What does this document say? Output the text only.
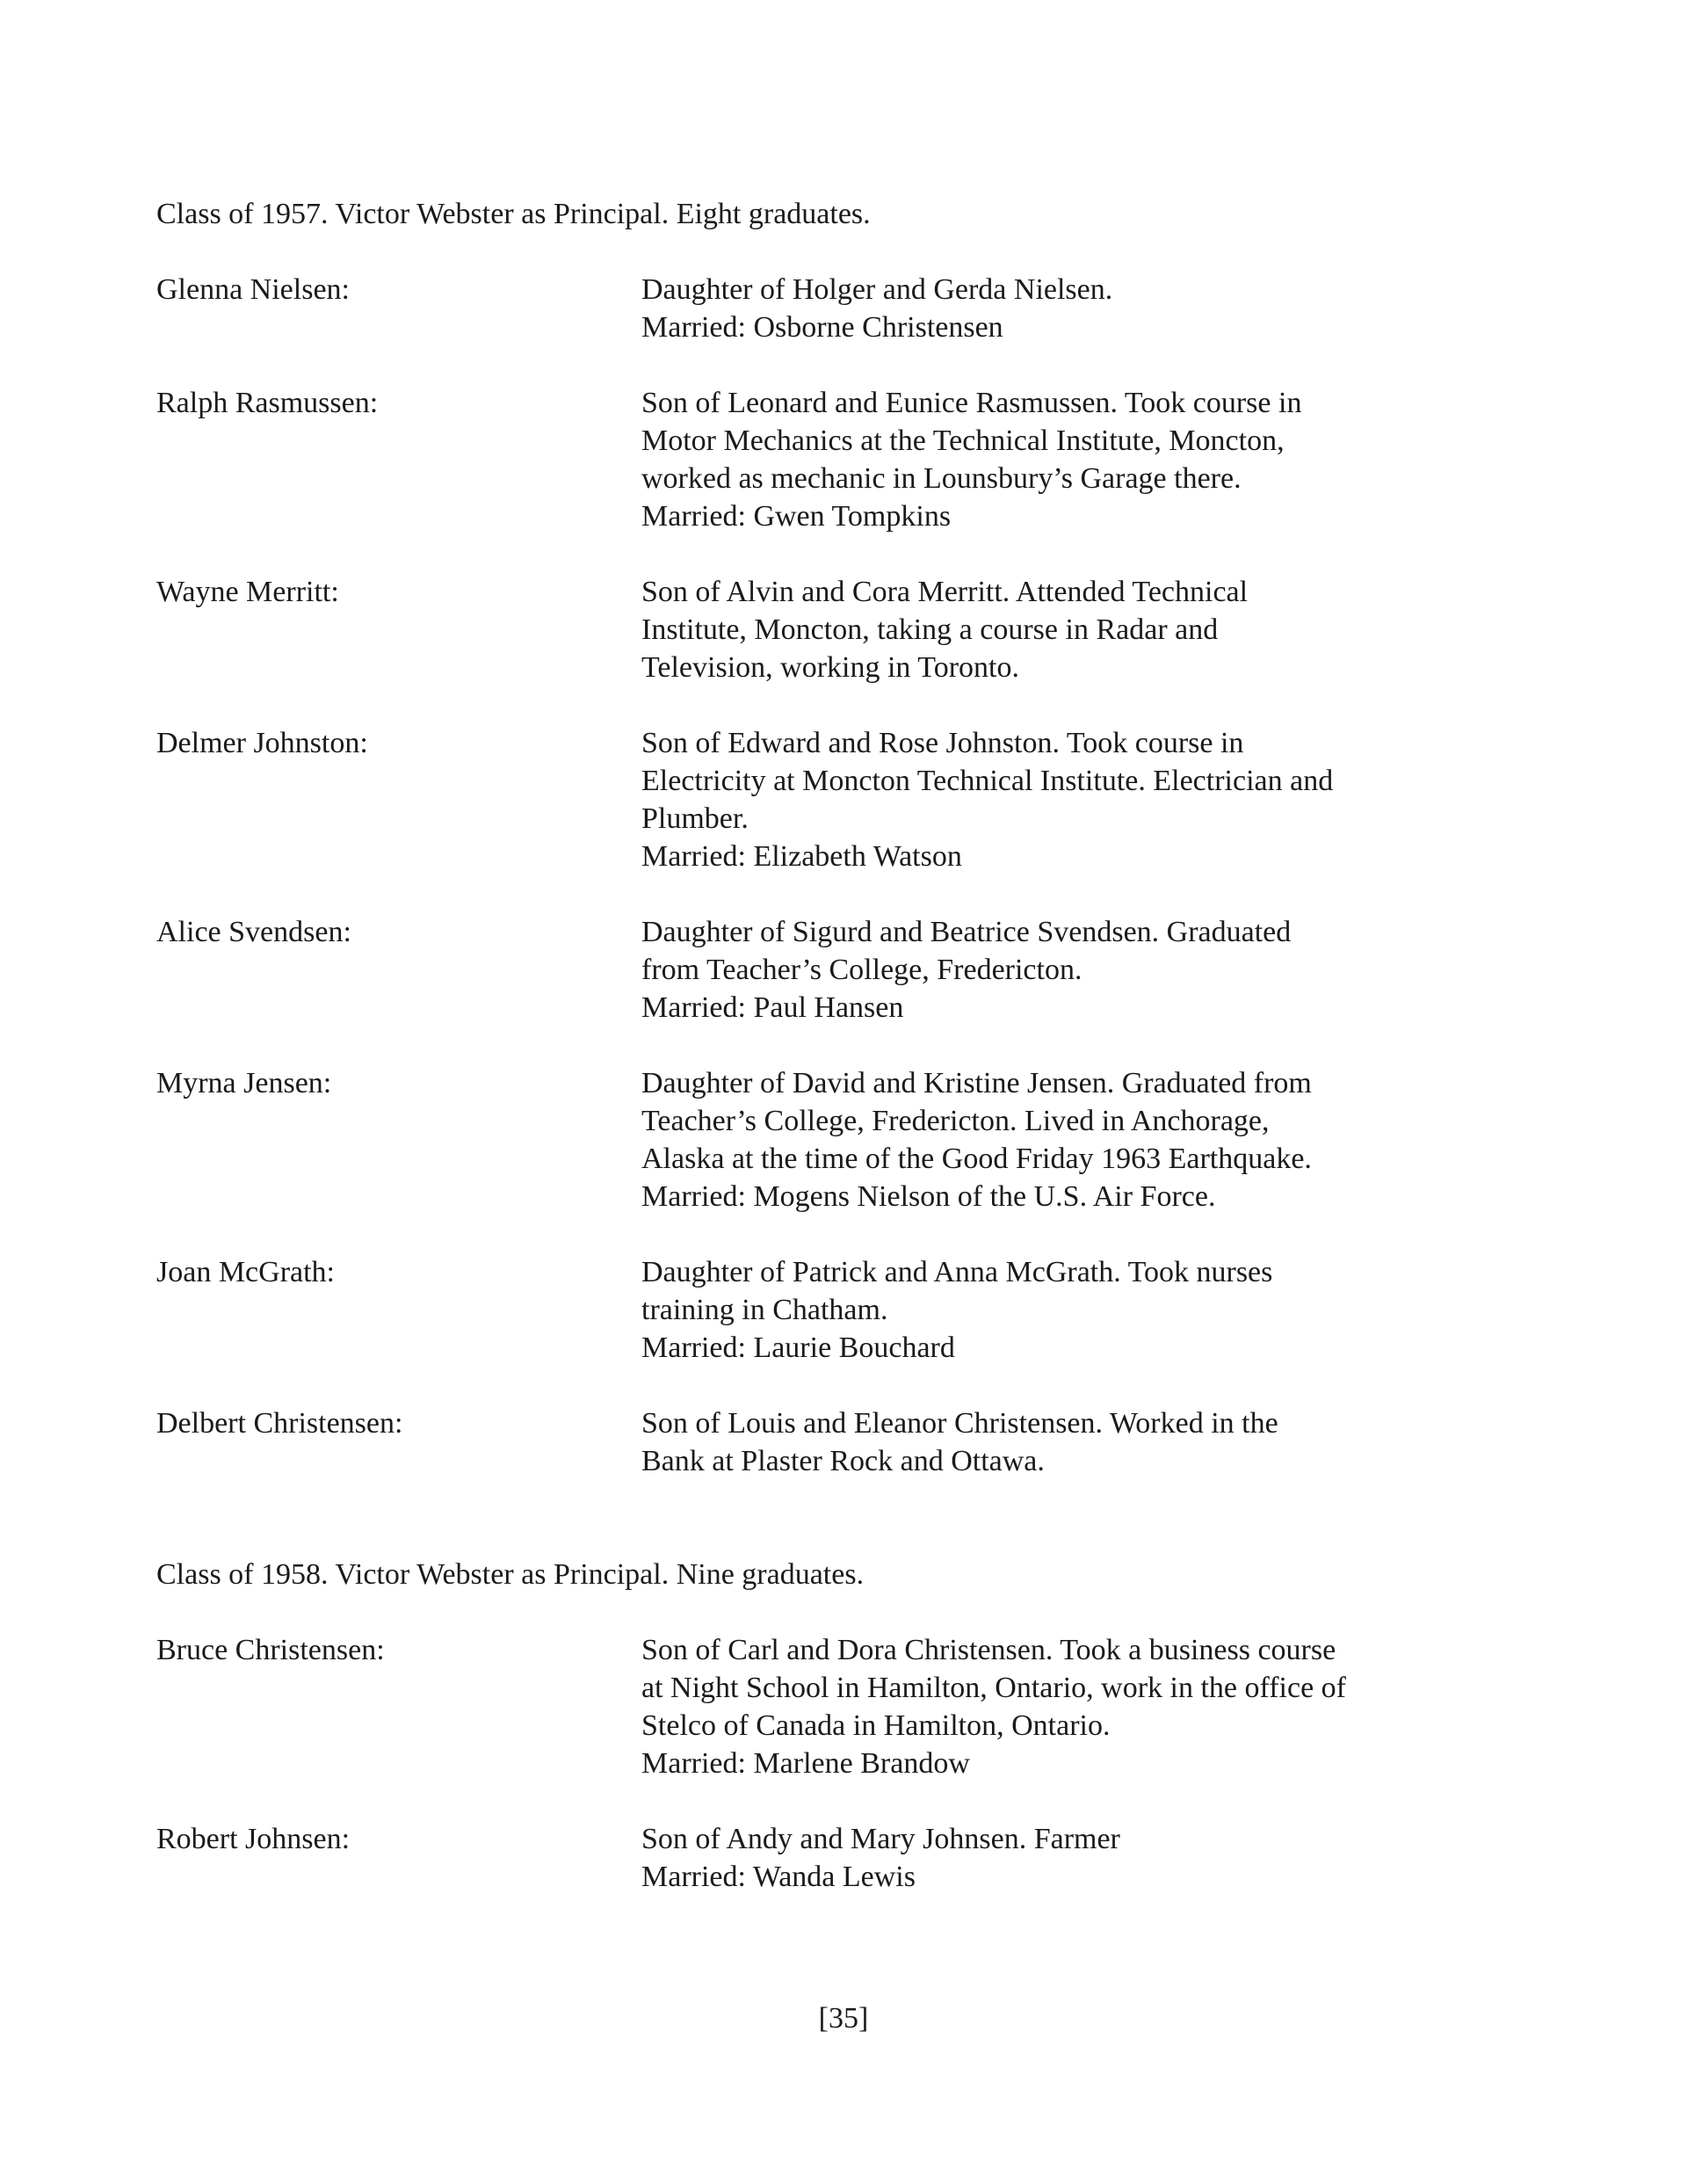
Class of 1957. Victor Webster as Principal. Eight graduates.
Glenna Nielsen:	Daughter of Holger and Gerda Nielsen.
Married: Osborne Christensen
Ralph Rasmussen:	Son of Leonard and Eunice Rasmussen. Took course in
Motor Mechanics at the Technical Institute, Moncton,
worked as mechanic in Lounsbury’s Garage there.
Married: Gwen Tompkins
Wayne Merritt:	Son of Alvin and Cora Merritt. Attended Technical
Institute, Moncton, taking a course in Radar and
Television, working in Toronto.
Delmer Johnston:	Son of Edward and Rose Johnston. Took course in
Electricity at Moncton Technical Institute. Electrician and
Plumber.
Married: Elizabeth Watson
Alice Svendsen:	Daughter of Sigurd and Beatrice Svendsen. Graduated
from Teacher’s College, Fredericton.
Married: Paul Hansen
Myrna Jensen:	Daughter of David and Kristine Jensen. Graduated from
Teacher’s College, Fredericton. Lived in Anchorage,
Alaska at the time of the Good Friday 1963 Earthquake.
Married: Mogens Nielson of the U.S. Air Force.
Joan McGrath:	Daughter of Patrick and Anna McGrath. Took nurses
training in Chatham.
Married: Laurie Bouchard
Delbert Christensen:	Son of Louis and Eleanor Christensen. Worked in the
Bank at Plaster Rock and Ottawa.
Class of 1958. Victor Webster as Principal. Nine graduates.
Bruce Christensen:	Son of Carl and Dora Christensen. Took a business course
at Night School in Hamilton, Ontario, work in the office of
Stelco of Canada in Hamilton, Ontario.
Married: Marlene Brandow
Robert Johnsen:	Son of Andy and Mary Johnsen. Farmer
Married: Wanda Lewis
[35]
